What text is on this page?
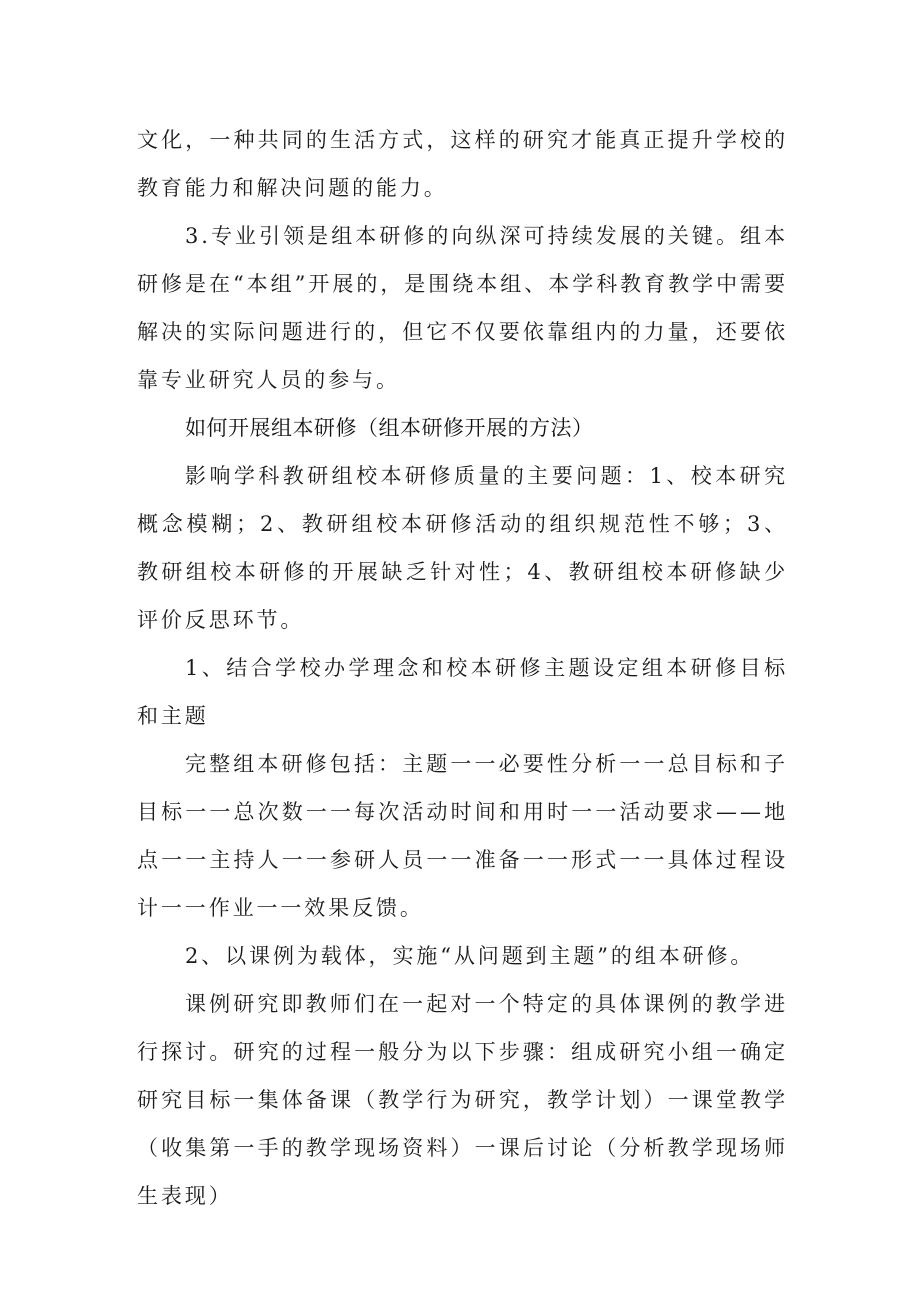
文化，一种共同的生活方式，这样的研究才能真正提升学校的教育能力和解决问题的能力。

3.专业引领是组本研修的向纵深可持续发展的关键。组本研修是在“本组”开展的，是围绕本组、本学科教育教学中需要解决的实际问题进行的，但它不仅要依靠组内的力量，还要依靠专业研究人员的参与。

如何开展组本研修（组本研修开展的方法）

影响学科教研组校本研修质量的主要问题：1、校本研究概念模糊；2、教研组校本研修活动的组织规范性不够；3、教研组校本研修的开展缺乏针对性；4、教研组校本研修缺少评价反思环节。

1、结合学校办学理念和校本研修主题设定组本研修目标和主题

完整组本研修包括：主题一一必要性分析一一总目标和子目标一一总次数一一每次活动时间和用时一一活动要求——地点一一主持人一一参研人员一一准备一一形式一一具体过程设计一一作业一一效果反馈。

2、以课例为载体，实施“从问题到主题”的组本研修。

课例研究即教师们在一起对一个特定的具体课例的教学进行探讨。研究的过程一般分为以下步骤：组成研究小组一确定研究目标一集体备课（教学行为研究，教学计划）一课堂教学（收集第一手的教学现场资料）一课后讨论（分析教学现场师生表现）
